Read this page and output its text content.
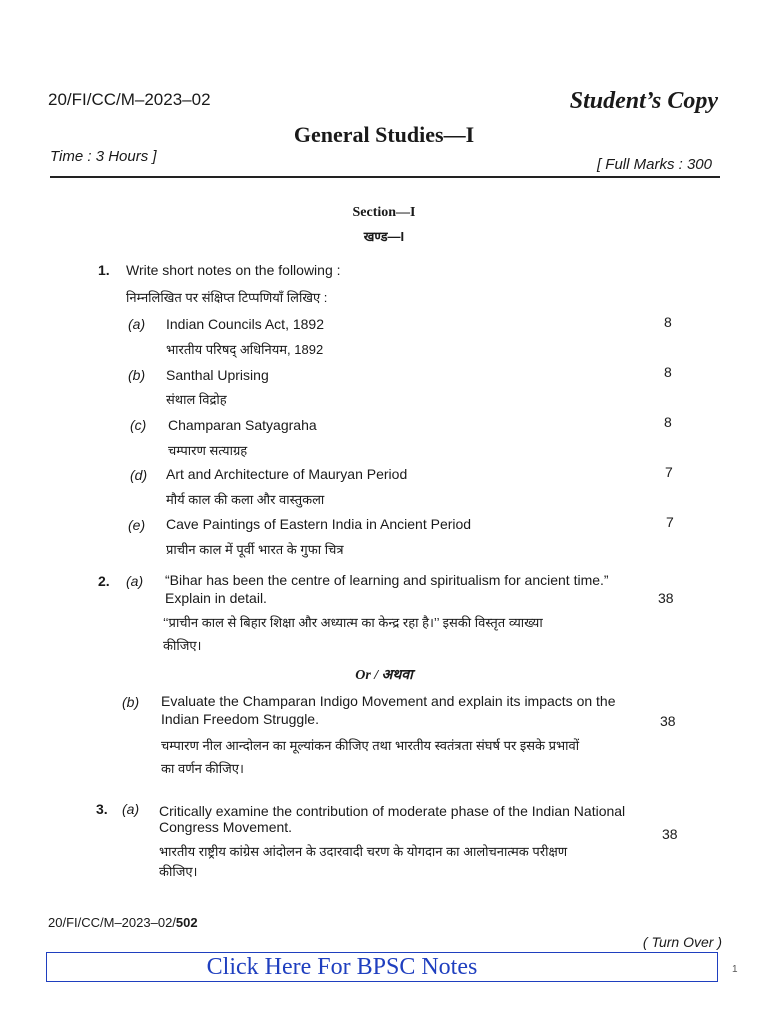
20/FI/CC/M–2023–02	Student’s Copy
General Studies—I
Time : 3 Hours ]	[ Full Marks : 300
Section—I
खण्ड—I
1. Write short notes on the following :
निम्नलिखित पर संक्षिप्त टिप्पणियाँ लिखिए :
(a) Indian Councils Act, 1892
भारतीय परिषद् अधिनियम, 1892
8
(b) Santhal Uprising
संथाल विद्रोह
8
(c) Champaran Satyagraha
चम्पारण सत्याग्रह
8
(d) Art and Architecture of Mauryan Period
मौर्य काल की कला और वास्तुकला
7
(e) Cave Paintings of Eastern India in Ancient Period
प्राचीन काल में पूर्वी भारत के गुफा चित्र
7
2. (a) “Bihar has been the centre of learning and spiritualism for ancient time.”
Explain in detail.	38
‘‘प्राचीन काल से बिहार शिक्षा और अध्यात्म का केन्द्र रहा है।’’ इसकी विस्तृत व्याख्या
कीजिए।
Or / अथवा
(b) Evaluate the Champaran Indigo Movement and explain its impacts on the
Indian Freedom Struggle.	38
चम्पारण नील आन्दोलन का मूल्यांकन कीजिए तथा भारतीय स्वतंत्रता संघर्ष पर इसके प्रभावों
का वर्णन कीजिए।
3. (a) Critically examine the contribution of moderate phase of the Indian National
Congress Movement.	38
भारतीय राष्ट्रीय कांग्रेस आंदोलन के उदारवादी चरण के योगदान का आलोचनात्मक परीक्षण
कीजिए।
20/FI/CC/M–2023–02/502
( Turn Over )
Click Here For BPSC Notes	1
